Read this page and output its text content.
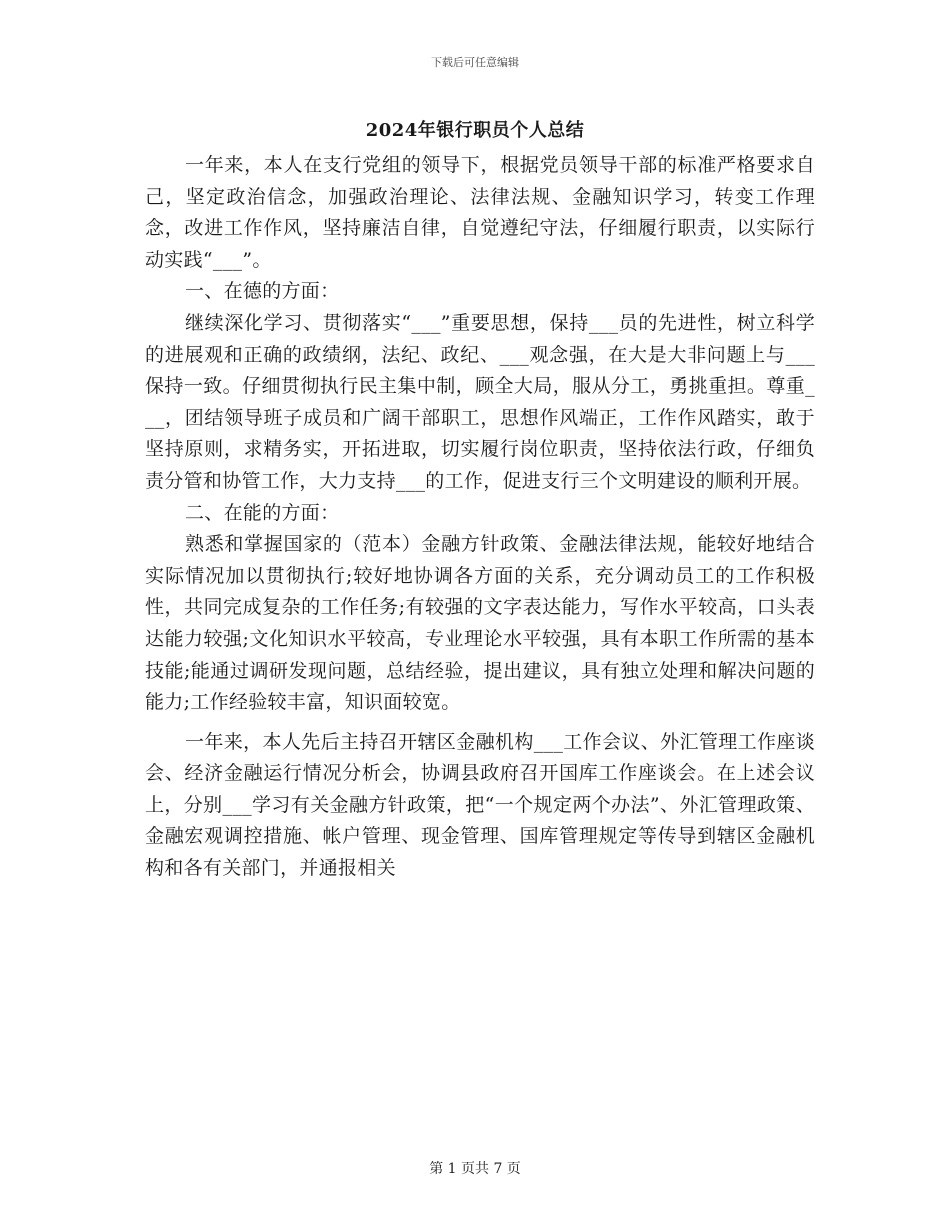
下载后可任意编辑
2024年银行职员个人总结

一年来，本人在支行党组的领导下，根据党员领导干部的标准严格要求自己，坚定政治信念，加强政治理论、法律法规、金融知识学习，转变工作理念，改进工作作风，坚持廉洁自律，自觉遵纪守法，仔细履行职责，以实际行动实践“___”。

一、在德的方面：

继续深化学习、贯彻落实“___”重要思想，保持___员的先进性，树立科学的进展观和正确的政绩纲，法纪、政纪、___观念强，在大是大非问题上与___保持一致。仔细贯彻执行民主集中制，顾全大局，服从分工，勇挑重担。尊重___，团结领导班子成员和广阔干部职工，思想作风端正，工作作风踏实，敢于坚持原则，求精务实，开拓进取，切实履行岗位职责，坚持依法行政，仔细负责分管和协管工作，大力支持___的工作，促进支行三个文明建设的顺利开展。

二、在能的方面：

熟悉和掌握国家的（范本）金融方针政策、金融法律法规，能较好地结合实际情况加以贯彻执行;较好地协调各方面的关系，充分调动员工的工作积极性，共同完成复杂的工作任务;有较强的文字表达能力，写作水平较高，口头表达能力较强;文化知识水平较高，专业理论水平较强，具有本职工作所需的基本技能;能通过调研发现问题，总结经验，提出建议，具有独立处理和解决问题的能力;工作经验较丰富，知识面较宽。

一年来，本人先后主持召开辖区金融机构___工作会议、外汇管理工作座谈会、经济金融运行情况分析会，协调县政府召开国库工作座谈会。在上述会议上，分别___学习有关金融方针政策，把“一个规定两个办法”、外汇管理政策、金融宏观调控措施、帐户管理、现金管理、国库管理规定等传导到辖区金融机构和各有关部门，并通报相关

第 1 页共 7 页
